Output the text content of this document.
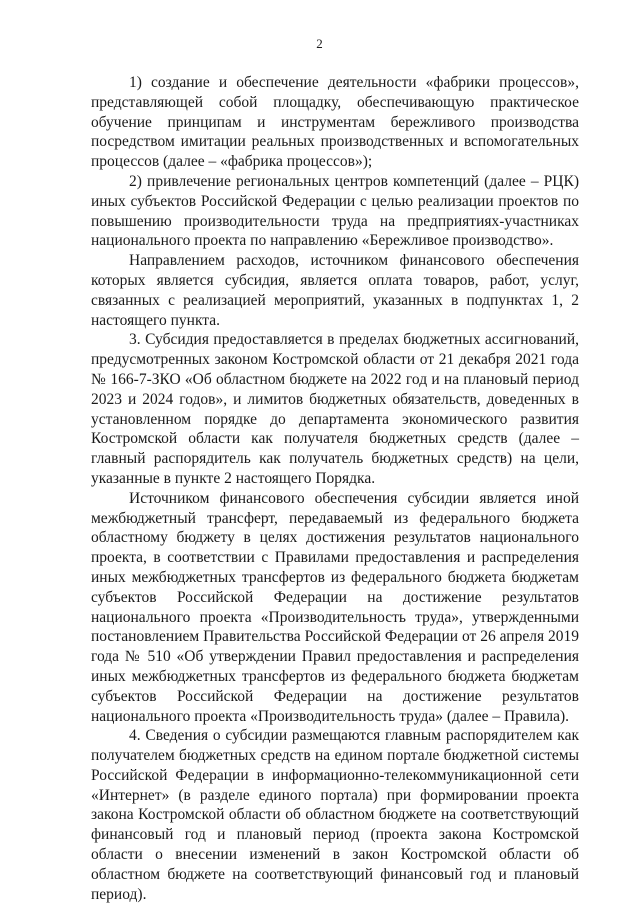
2

1) создание и обеспечение деятельности «фабрики процессов», представляющей собой площадку, обеспечивающую практическое обучение принципам и инструментам бережливого производства посредством имитации реальных производственных и вспомогательных процессов (далее – «фабрика процессов»);

2) привлечение региональных центров компетенций (далее – РЦК) иных субъектов Российской Федерации с целью реализации проектов по повышению производительности труда на предприятиях-участниках национального проекта по направлению «Бережливое производство».

Направлением расходов, источником финансового обеспечения которых является субсидия, является оплата товаров, работ, услуг, связанных с реализацией мероприятий, указанных в подпунктах 1, 2 настоящего пункта.

3. Субсидия предоставляется в пределах бюджетных ассигнований, предусмотренных законом Костромской области от 21 декабря 2021 года № 166-7-ЗКО «Об областном бюджете на 2022 год и на плановый период 2023 и 2024 годов», и лимитов бюджетных обязательств, доведенных в установленном порядке до департамента экономического развития Костромской области как получателя бюджетных средств (далее – главный распорядитель как получатель бюджетных средств) на цели, указанные в пункте 2 настоящего Порядка.

Источником финансового обеспечения субсидии является иной межбюджетный трансферт, передаваемый из федерального бюджета областному бюджету в целях достижения результатов национального проекта, в соответствии с Правилами предоставления и распределения иных межбюджетных трансфертов из федерального бюджета бюджетам субъектов Российской Федерации на достижение результатов национального проекта «Производительность труда», утвержденными постановлением Правительства Российской Федерации от 26 апреля 2019 года № 510 «Об утверждении Правил предоставления и распределения иных межбюджетных трансфертов из федерального бюджета бюджетам субъектов Российской Федерации на достижение результатов национального проекта «Производительность труда» (далее – Правила).

4. Сведения о субсидии размещаются главным распорядителем как получателем бюджетных средств на едином портале бюджетной системы Российской Федерации в информационно-телекоммуникационной сети «Интернет» (в разделе единого портала) при формировании проекта закона Костромской области об областном бюджете на соответствующий финансовый год и плановый период (проекта закона Костромской области о внесении изменений в закон Костромской области об областном бюджете на соответствующий финансовый год и плановый период).
